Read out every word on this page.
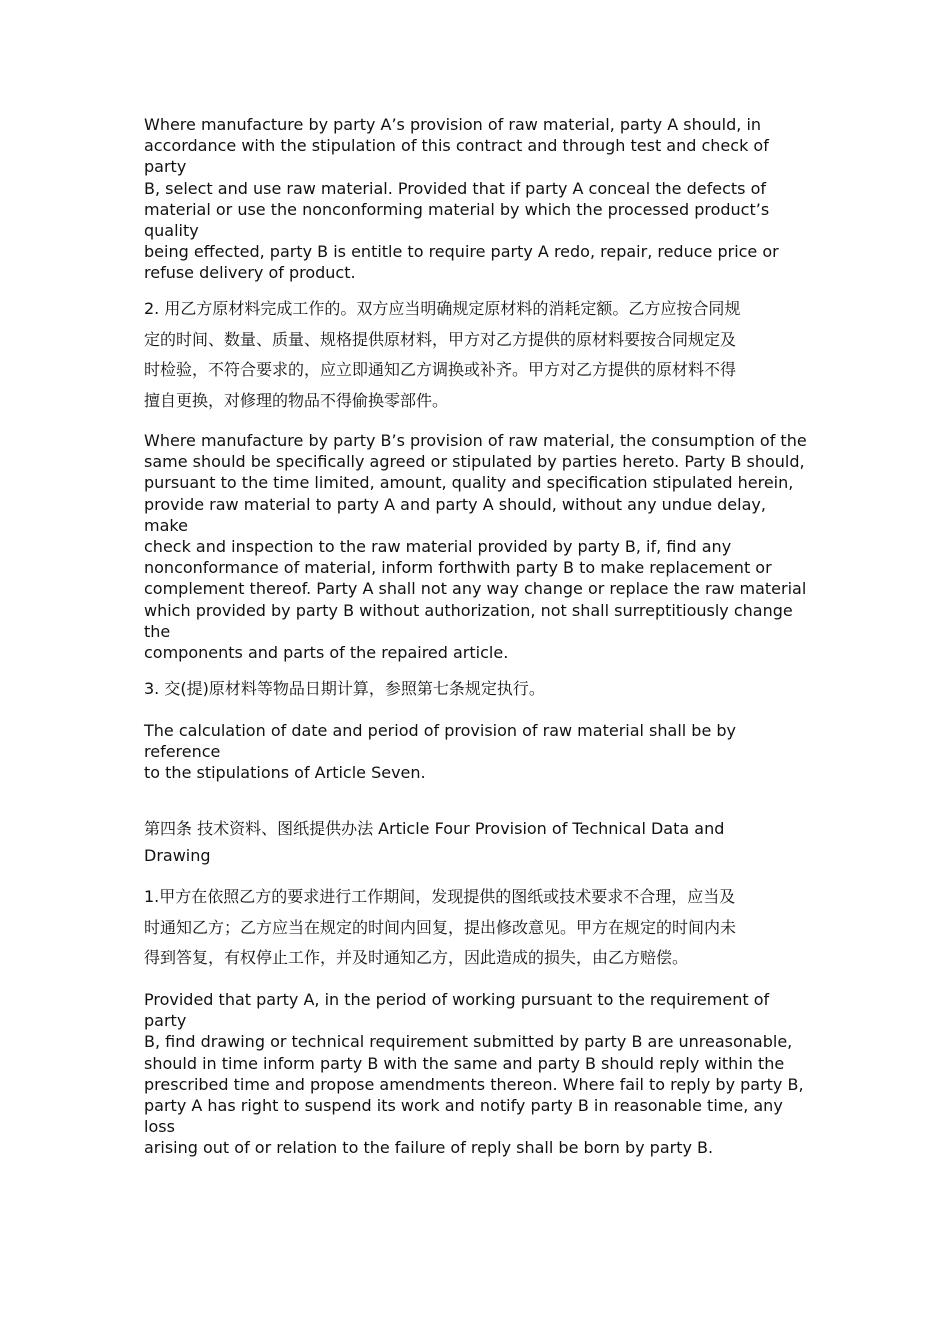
Where manufacture by party A’s provision of raw material, party A should, in
accordance with the stipulation of this contract and through test and check of party
B, select and use raw material. Provided that if party A conceal the defects of
material or use the nonconforming material by which the processed product’s quality
being effected, party B is entitle to require party A redo, repair, reduce price or
refuse delivery of product.

2. 用乙方原材料完成工作的。双方应当明确规定原材料的消耗定额。乙方应按合同规
定的时间、数量、质量、规格提供原材料，甲方对乙方提供的原材料要按合同规定及
时检验，不符合要求的，应立即通知乙方调换或补齐。甲方对乙方提供的原材料不得
擅自更换，对修理的物品不得偷换零部件。

Where manufacture by party B’s provision of raw material, the consumption of the
same should be specifically agreed or stipulated by parties hereto. Party B should,
pursuant to the time limited, amount, quality and specification stipulated herein,
provide raw material to party A and party A should, without any undue delay, make
check and inspection to the raw material provided by party B, if, find any
nonconformance of material, inform forthwith party B to make replacement or
complement thereof. Party A shall not any way change or replace the raw material
which provided by party B without authorization, not shall surreptitiously change the
components and parts of the repaired article.

3. 交(提)原材料等物品日期计算，参照第七条规定执行。

The calculation of date and period of provision of raw material shall be by reference
to the stipulations of Article Seven.

第四条 技术资料、图纸提供办法 Article Four Provision of Technical Data and
Drawing

1.甲方在依照乙方的要求进行工作期间，发现提供的图纸或技术要求不合理，应当及
时通知乙方；乙方应当在规定的时间内回复，提出修改意见。甲方在规定的时间内未
得到答复，有权停止工作，并及时通知乙方，因此造成的损失，由乙方赔偿。

Provided that party A, in the period of working pursuant to the requirement of party
B, find drawing or technical requirement submitted by party B are unreasonable,
should in time inform party B with the same and party B should reply within the
prescribed time and propose amendments thereon. Where fail to reply by party B,
party A has right to suspend its work and notify party B in reasonable time, any loss
arising out of or relation to the failure of reply shall be born by party B.
